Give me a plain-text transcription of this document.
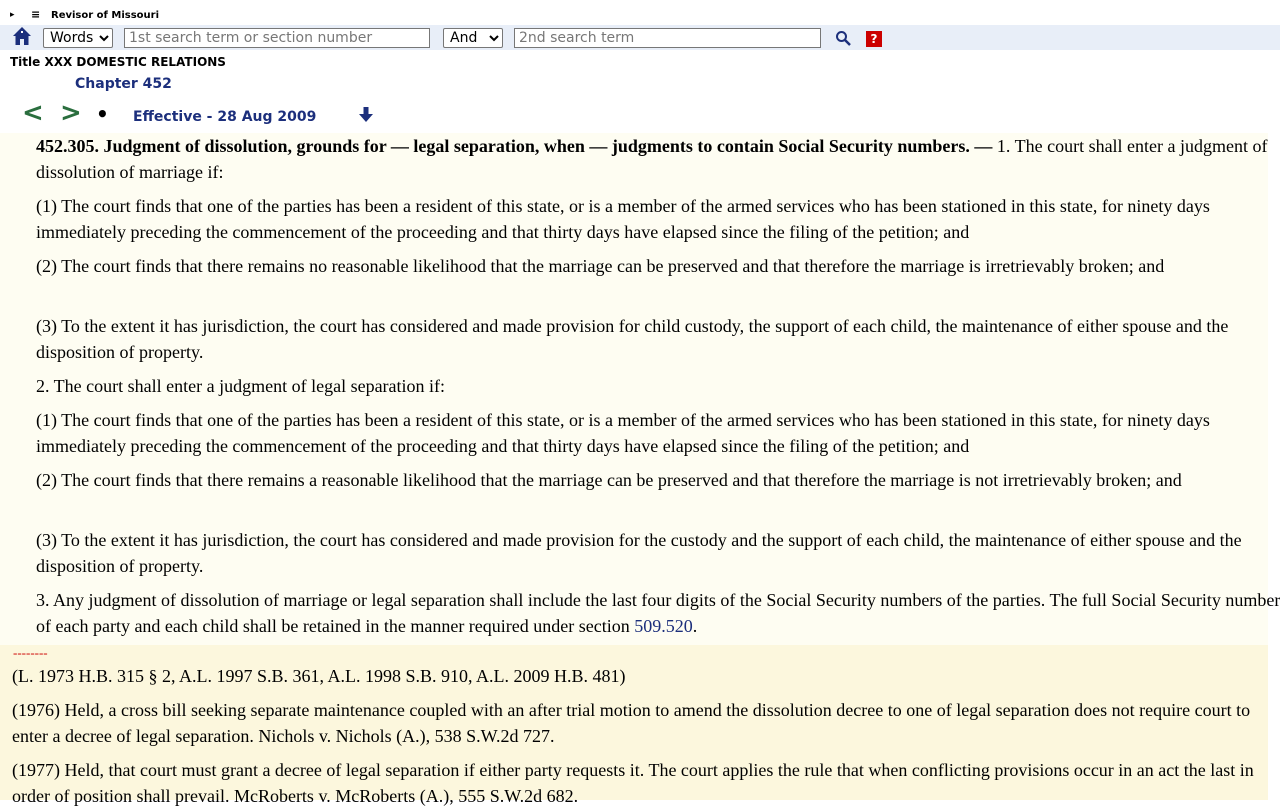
▸ ≡ Revisor of Missouri
Words
1st search term or section number
And
2nd search term
?
Title XXX DOMESTIC RELATIONS
Chapter 452
< > • Effective - 28 Aug 2009

452.305. Judgment of dissolution, grounds for — legal separation, when — judgments to contain Social Security numbers. — 1. The court shall enter a judgment of dissolution of marriage if:

(1) The court finds that one of the parties has been a resident of this state, or is a member of the armed services who has been stationed in this state, for ninety days immediately preceding the commencement of the proceeding and that thirty days have elapsed since the filing of the petition; and

(2) The court finds that there remains no reasonable likelihood that the marriage can be preserved and that therefore the marriage is irretrievably broken; and

(3) To the extent it has jurisdiction, the court has considered and made provision for child custody, the support of each child, the maintenance of either spouse and the disposition of property.

2. The court shall enter a judgment of legal separation if:

(1) The court finds that one of the parties has been a resident of this state, or is a member of the armed services who has been stationed in this state, for ninety days immediately preceding the commencement of the proceeding and that thirty days have elapsed since the filing of the petition; and

(2) The court finds that there remains a reasonable likelihood that the marriage can be preserved and that therefore the marriage is not irretrievably broken; and

(3) To the extent it has jurisdiction, the court has considered and made provision for the custody and the support of each child, the maintenance of either spouse and the disposition of property.

3. Any judgment of dissolution of marriage or legal separation shall include the last four digits of the Social Security numbers of the parties. The full Social Security number of each party and each child shall be retained in the manner required under section 509.520.

--------

(L. 1973 H.B. 315 § 2, A.L. 1997 S.B. 361, A.L. 1998 S.B. 910, A.L. 2009 H.B. 481)

(1976) Held, a cross bill seeking separate maintenance coupled with an after trial motion to amend the dissolution decree to one of legal separation does not require court to enter a decree of legal separation. Nichols v. Nichols (A.), 538 S.W.2d 727.

(1977) Held, that court must grant a decree of legal separation if either party requests it. The court applies the rule that when conflicting provisions occur in an act the last in order of position shall prevail. McRoberts v. McRoberts (A.), 555 S.W.2d 682.
